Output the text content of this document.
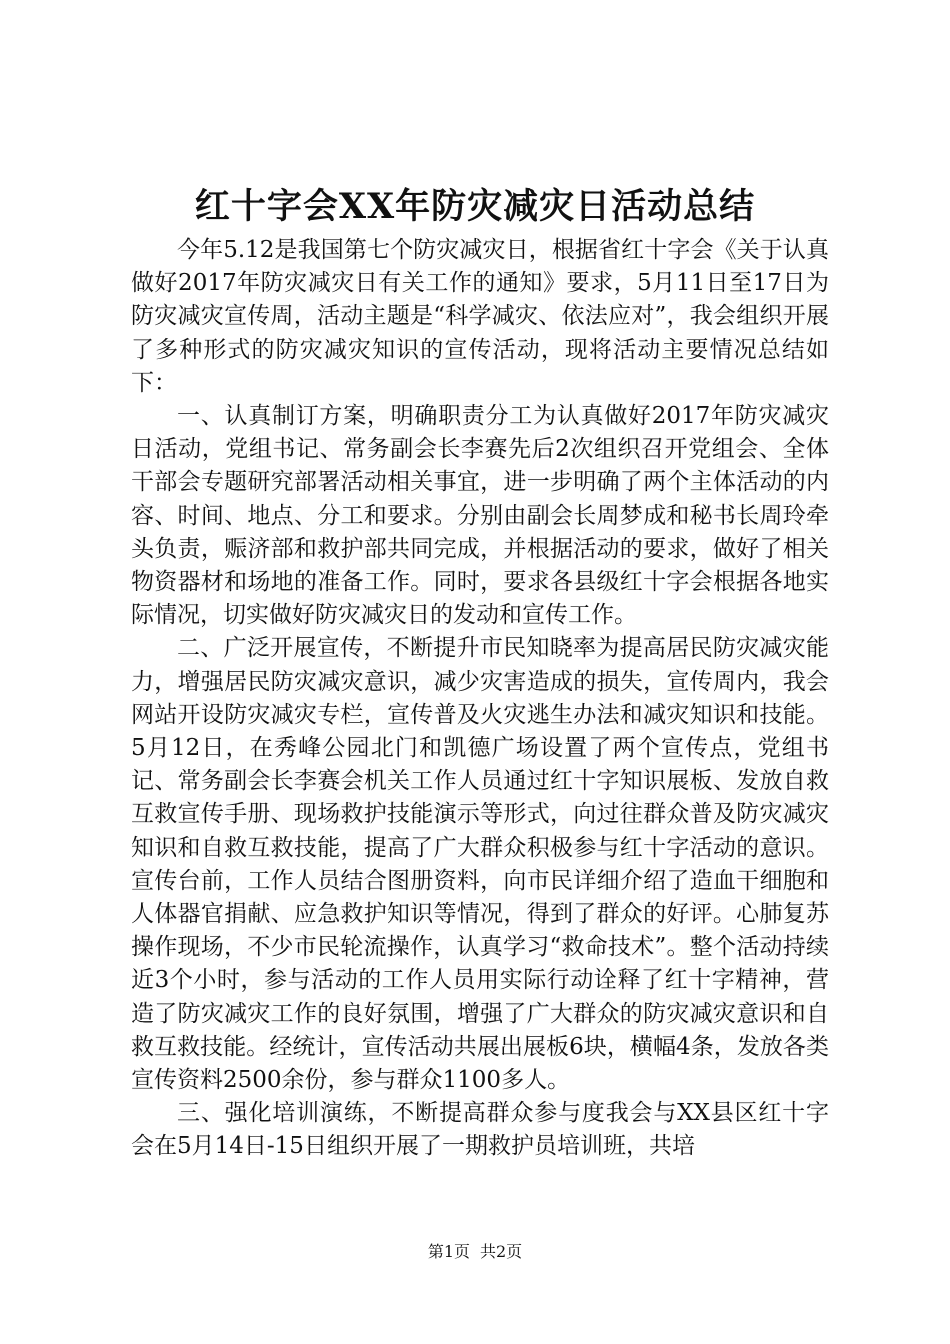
红十字会XX年防灾减灾日活动总结

今年5.12是我国第七个防灾减灾日，根据省红十字会《关于认真做好2017年防灾减灾日有关工作的通知》要求，5月11日至17日为防灾减灾宣传周，活动主题是“科学减灾、依法应对”，我会组织开展了多种形式的防灾减灾知识的宣传活动，现将活动主要情况总结如下：

一、认真制订方案，明确职责分工为认真做好2017年防灾减灾日活动，党组书记、常务副会长李赛先后2次组织召开党组会、全体干部会专题研究部署活动相关事宜，进一步明确了两个主体活动的内容、时间、地点、分工和要求。分别由副会长周梦成和秘书长周玲牵头负责，赈济部和救护部共同完成，并根据活动的要求，做好了相关物资器材和场地的准备工作。同时，要求各县级红十字会根据各地实际情况，切实做好防灾减灾日的发动和宣传工作。

二、广泛开展宣传，不断提升市民知晓率为提高居民防灾减灾能力，增强居民防灾减灾意识，减少灾害造成的损失，宣传周内，我会网站开设防灾减灾专栏，宣传普及火灾逃生办法和减灾知识和技能。5月12日，在秀峰公园北门和凯德广场设置了两个宣传点，党组书记、常务副会长李赛会机关工作人员通过红十字知识展板、发放自救互救宣传手册、现场救护技能演示等形式，向过往群众普及防灾减灾知识和自救互救技能，提高了广大群众积极参与红十字活动的意识。宣传台前，工作人员结合图册资料，向市民详细介绍了造血干细胞和人体器官捐献、应急救护知识等情况，得到了群众的好评。心肺复苏操作现场，不少市民轮流操作，认真学习“救命技术”。整个活动持续近3个小时，参与活动的工作人员用实际行动诠释了红十字精神，营造了防灾减灾工作的良好氛围，增强了广大群众的防灾减灾意识和自救互救技能。经统计，宣传活动共展出展板6块，横幅4条，发放各类宣传资料2500余份，参与群众1100多人。

三、强化培训演练，不断提高群众参与度我会与XX县区红十字会在5月14日-15日组织开展了一期救护员培训班，共培

第1页 共2页
